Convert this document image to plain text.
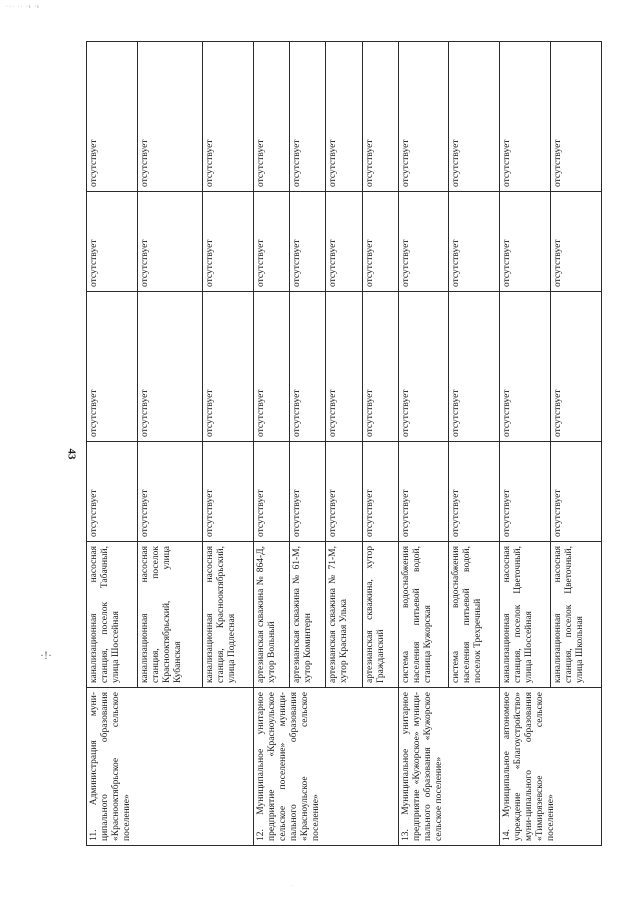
··· ·· ·ı ·ı
43
·!·
·
·
11. Администрация муни-ципального образования «Краснооктябрьское сельское поселение»	канализационная насосная станция, поселок Табачный, улица Шоссейная	отсутствует	отсутствует	отсутствует	отсутствует
	канализационная насосная станция, поселок Краснооктябрьский, улица Кубанская	отсутствует	отсутствует	отсутствует	отсутствует
	канализационная насосная станция, Краснооктябрьский, улица Подлесная	отсутствует	отсутствует	отсутствует	отсутствует
12. Муниципальное унитарное предприятие «Красноульское сельское поселение» муници-пального образования «Красноульское сельское поселение»	артезианская скважина № 864-Д, хутор Вольный	отсутствует	отсутствует	отсутствует	отсутствует
	артезианская скважина № 61-М, хутор Коминтерн	отсутствует	отсутствует	отсутствует	отсутствует
	артезианская скважина № 71-М, хутор Красная Улька	отсутствует	отсутствует	отсутствует	отсутствует
	артезианская скважина, хутор Гражданский	отсутствует	отсутствует	отсутствует	отсутствует
13. Муниципальное унитарное предприятие «Кужорское» муници-пального образования «Кужорское сельское поселение»	система водоснабжения населения питьевой водой, станица Кужорская	отсутствует	отсутствует	отсутствует	отсутствует
	система водоснабжения населения питьевой водой, поселок Трехречный	отсутствует	отсутствует	отсутствует	отсутствует
14. Муниципальное автономное учреждение «Благоустройство» муни-ципального образования «Тимирязевское сельское поселение»	канализационная насосная станция, поселок Цветочный, улица Шоссейная	отсутствует	отсутствует	отсутствует	отсутствует
	канализационная насосная станция, поселок Цветочный, улица Школьная	отсутствует	отсутствует	отсутствует	отсутствует
